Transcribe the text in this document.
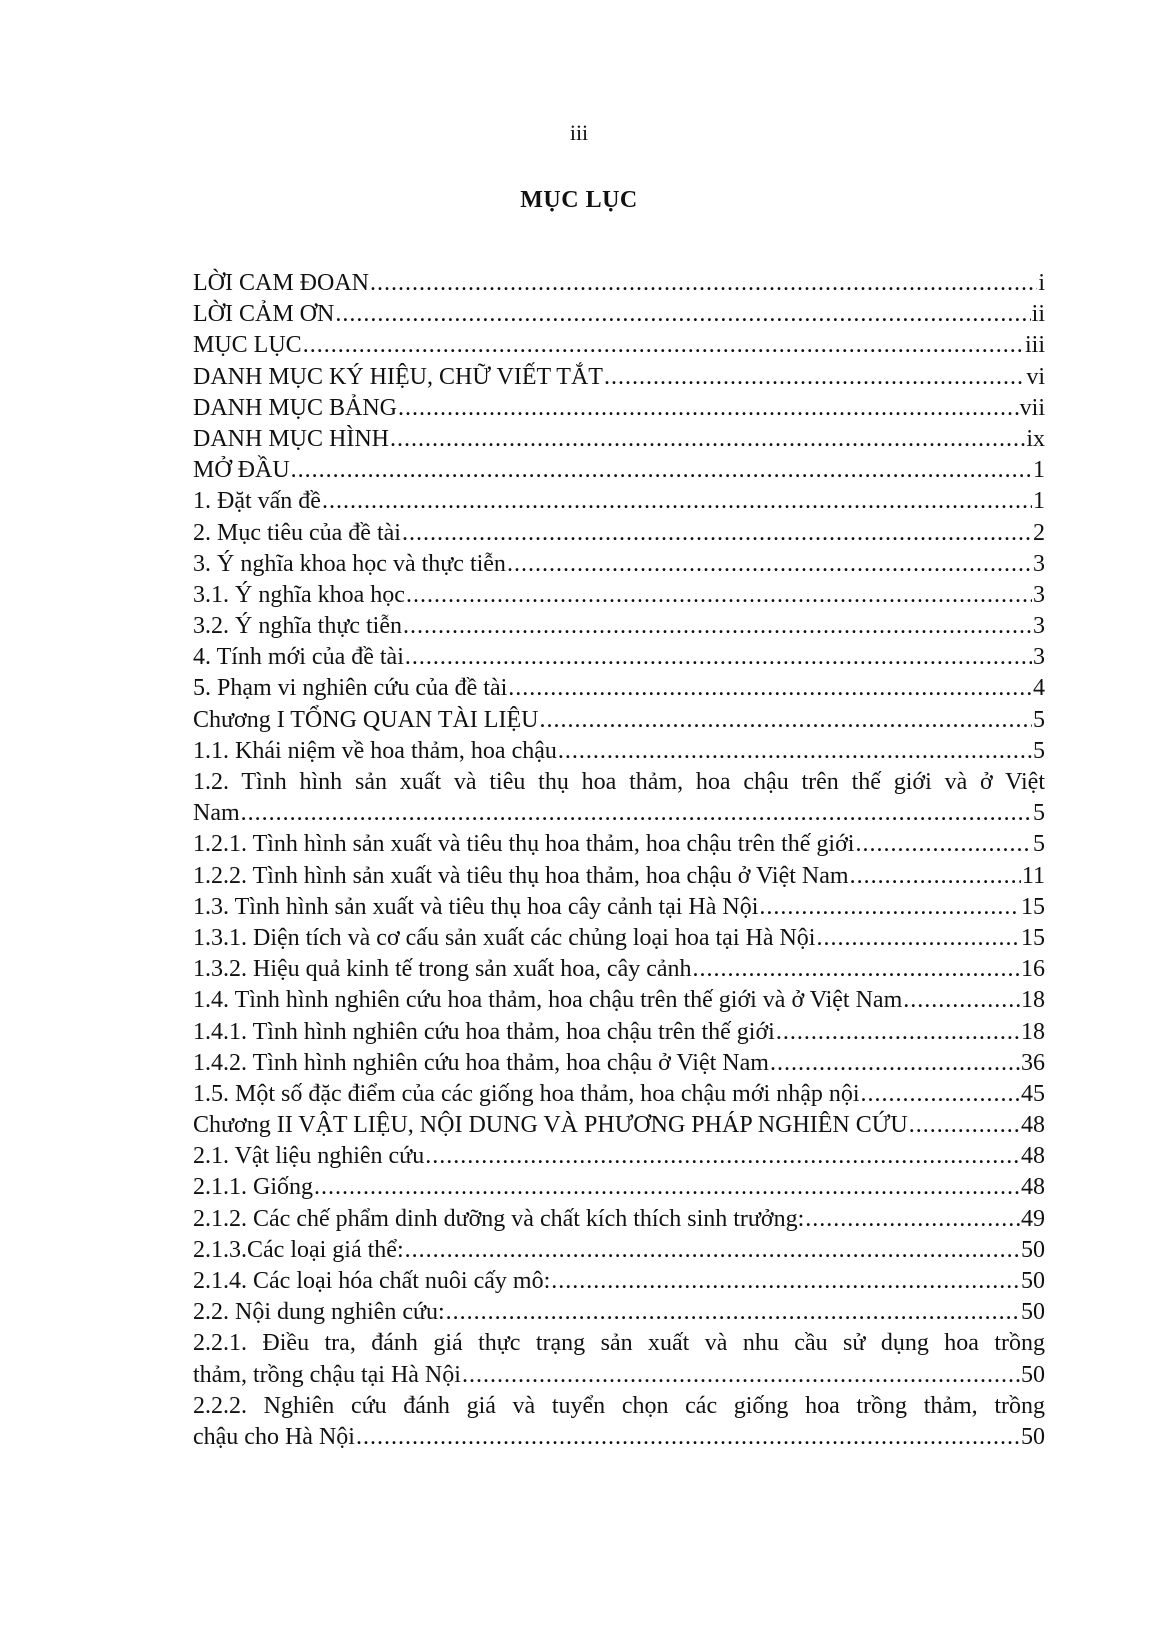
iii
MỤC LỤC
LỜI CAM ĐOAN .....	i
LỜI CẢM ƠN .....	ii
MỤC LỤC .....	iii
DANH MỤC KÝ HIỆU, CHỮ VIẾT TẮT .....	vi
DANH MỤC BẢNG .....	vii
DANH MỤC HÌNH .....	ix
MỞ ĐẦU .....	1
1. Đặt vấn đề .....	1
2. Mục tiêu của đề tài .....	2
3. Ý nghĩa khoa học và thực tiễn .....	3
3.1. Ý nghĩa khoa học .....	3
3.2. Ý nghĩa thực tiễn .....	3
4. Tính mới của đề tài .....	3
5. Phạm vi nghiên cứu của đề tài .....	4
Chương I TỔNG QUAN TÀI LIỆU .....	5
1.1. Khái niệm về hoa thảm, hoa chậu .....	5
1.2. Tình hình sản xuất và tiêu thụ hoa thảm, hoa chậu trên thế giới và ở Việt
Nam .....	5
1.2.1. Tình hình sản xuất và tiêu thụ hoa thảm, hoa chậu trên thế giới .....	5
1.2.2. Tình hình sản xuất và tiêu thụ hoa thảm, hoa chậu ở Việt Nam .....	11
1.3. Tình hình sản xuất và tiêu thụ hoa cây cảnh tại Hà Nội .....	15
1.3.1. Diện tích và cơ cấu sản xuất các chủng loại hoa tại Hà Nội .....	15
1.3.2. Hiệu quả kinh tế trong sản xuất hoa, cây cảnh .....	16
1.4. Tình hình nghiên cứu hoa thảm, hoa chậu trên thế giới và ở Việt Nam .....	18
1.4.1. Tình hình nghiên cứu hoa thảm, hoa chậu trên thế giới .....	18
1.4.2. Tình hình nghiên cứu hoa thảm, hoa chậu ở Việt Nam .....	36
1.5. Một số đặc điểm của các giống hoa thảm, hoa chậu mới nhập nội .....	45
Chương II VẬT LIỆU, NỘI DUNG VÀ PHƯƠNG PHÁP NGHIÊN CỨU .....	48
2.1. Vật liệu nghiên cứu .....	48
2.1.1. Giống .....	48
2.1.2. Các chế phẩm dinh dưỡng và chất kích thích sinh trưởng: .....	49
2.1.3.Các loại giá thể: .....	50
2.1.4. Các loại hóa chất nuôi cấy mô: .....	50
2.2. Nội dung nghiên cứu: .....	50
2.2.1. Điều tra, đánh giá thực trạng sản xuất và nhu cầu sử dụng hoa trồng
thảm, trồng chậu tại Hà Nội .....	50
2.2.2. Nghiên cứu đánh giá và tuyển chọn các giống hoa trồng thảm, trồng
chậu cho Hà Nội .....	50
